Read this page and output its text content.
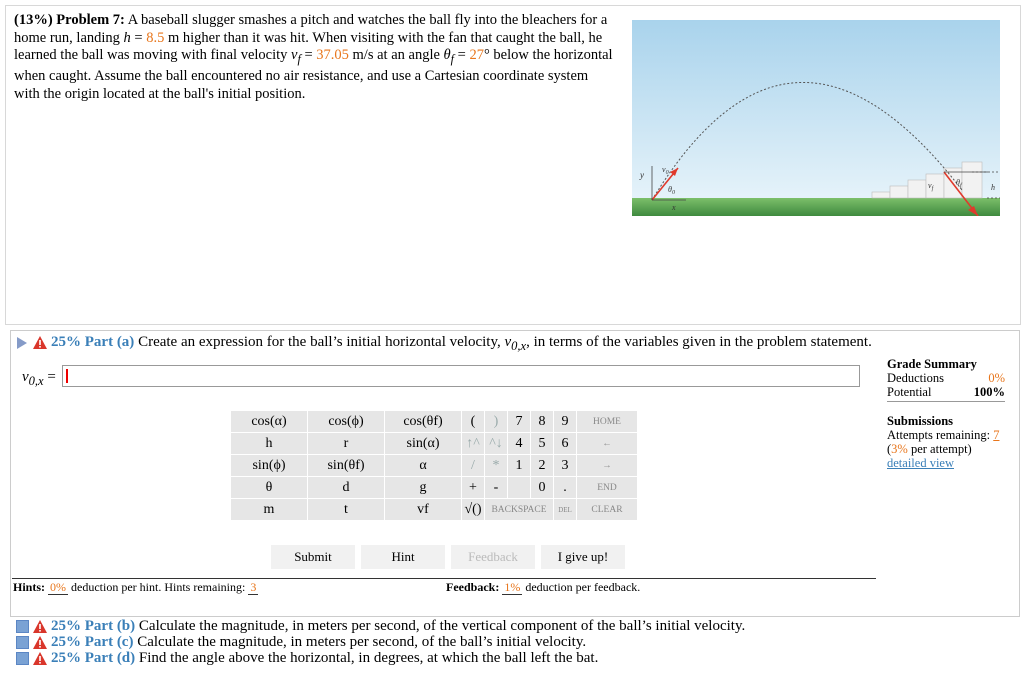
(13%) Problem 7: A baseball slugger smashes a pitch and watches the ball fly into the bleachers for a home run, landing h = 8.5 m higher than it was hit. When visiting with the fan that caught the ball, he learned the ball was moving with final velocity $v_f = 37.05$ m/s at an angle $\theta_f = 27^\circ$ below the horizontal when caught. Assume the ball encountered no air resistance, and use a Cartesian coordinate system with the origin located at the ball's initial position.
y
$v_0$
$\theta_0$
x
$v_f$
$\theta_f$	h
25% Part (a) Create an expression for the ball’s initial horizontal velocity, $v_{0,x}$, in terms of the variables given in the problem statement.
$v_{0,x}$ =
Grade Summary
Deductions	0%
Potential	100%
Submissions
Attempts remaining: 7
(3% per attempt)
detailed view
cos(α)	cos(ϕ)	cos(θf)	(	)	7	8	9	HOME
h	r	sin(α)	↑^	^↓	4	5	6	←
sin(ϕ)	sin(θf)	α	/	*	1	2	3	→
θ	d	g	+	-		0	.	END
m	t	vf	√()	BACKSPACE			DEL	CLEAR
Submit	Hint	Feedback	I give up!
Hints: 0% deduction per hint. Hints remaining: 3	Feedback: 1% deduction per feedback.
25% Part (b) Calculate the magnitude, in meters per second, of the vertical component of the ball’s initial velocity.
25% Part (c) Calculate the magnitude, in meters per second, of the ball’s initial velocity.
25% Part (d) Find the angle above the horizontal, in degrees, at which the ball left the bat.
